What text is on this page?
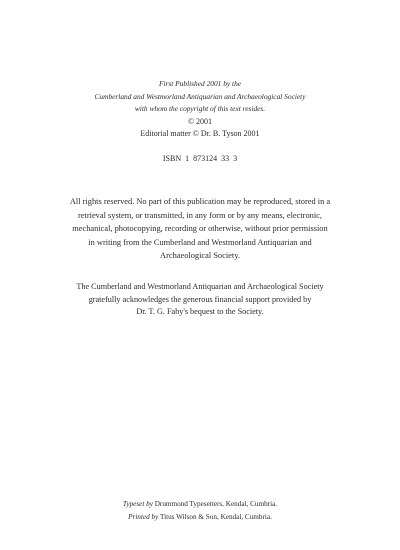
First Published 2001 by the
Cumberland and Westmorland Antiquarian and Archaeological Society
with whom the copyright of this text resides.
© 2001
Editorial matter © Dr. B. Tyson 2001
ISBN  1  873124  33  3
All rights reserved. No part of this publication may be reproduced, stored in a
retrieval system, or transmitted, in any form or by any means, electronic,
mechanical, photocopying, recording or otherwise, without prior permission
in writing from the Cumberland and Westmorland Antiquarian and
Archaeological Society.
The Cumberland and Westmorland Antiquarian and Archaeological Society
gratefully acknowledges the generous financial support provided by
Dr. T. G. Fahy's bequest to the Society.
Typeset by Drummond Typesetters, Kendal, Cumbria.
Printed by Titus Wilson & Son, Kendal, Cumbria.
